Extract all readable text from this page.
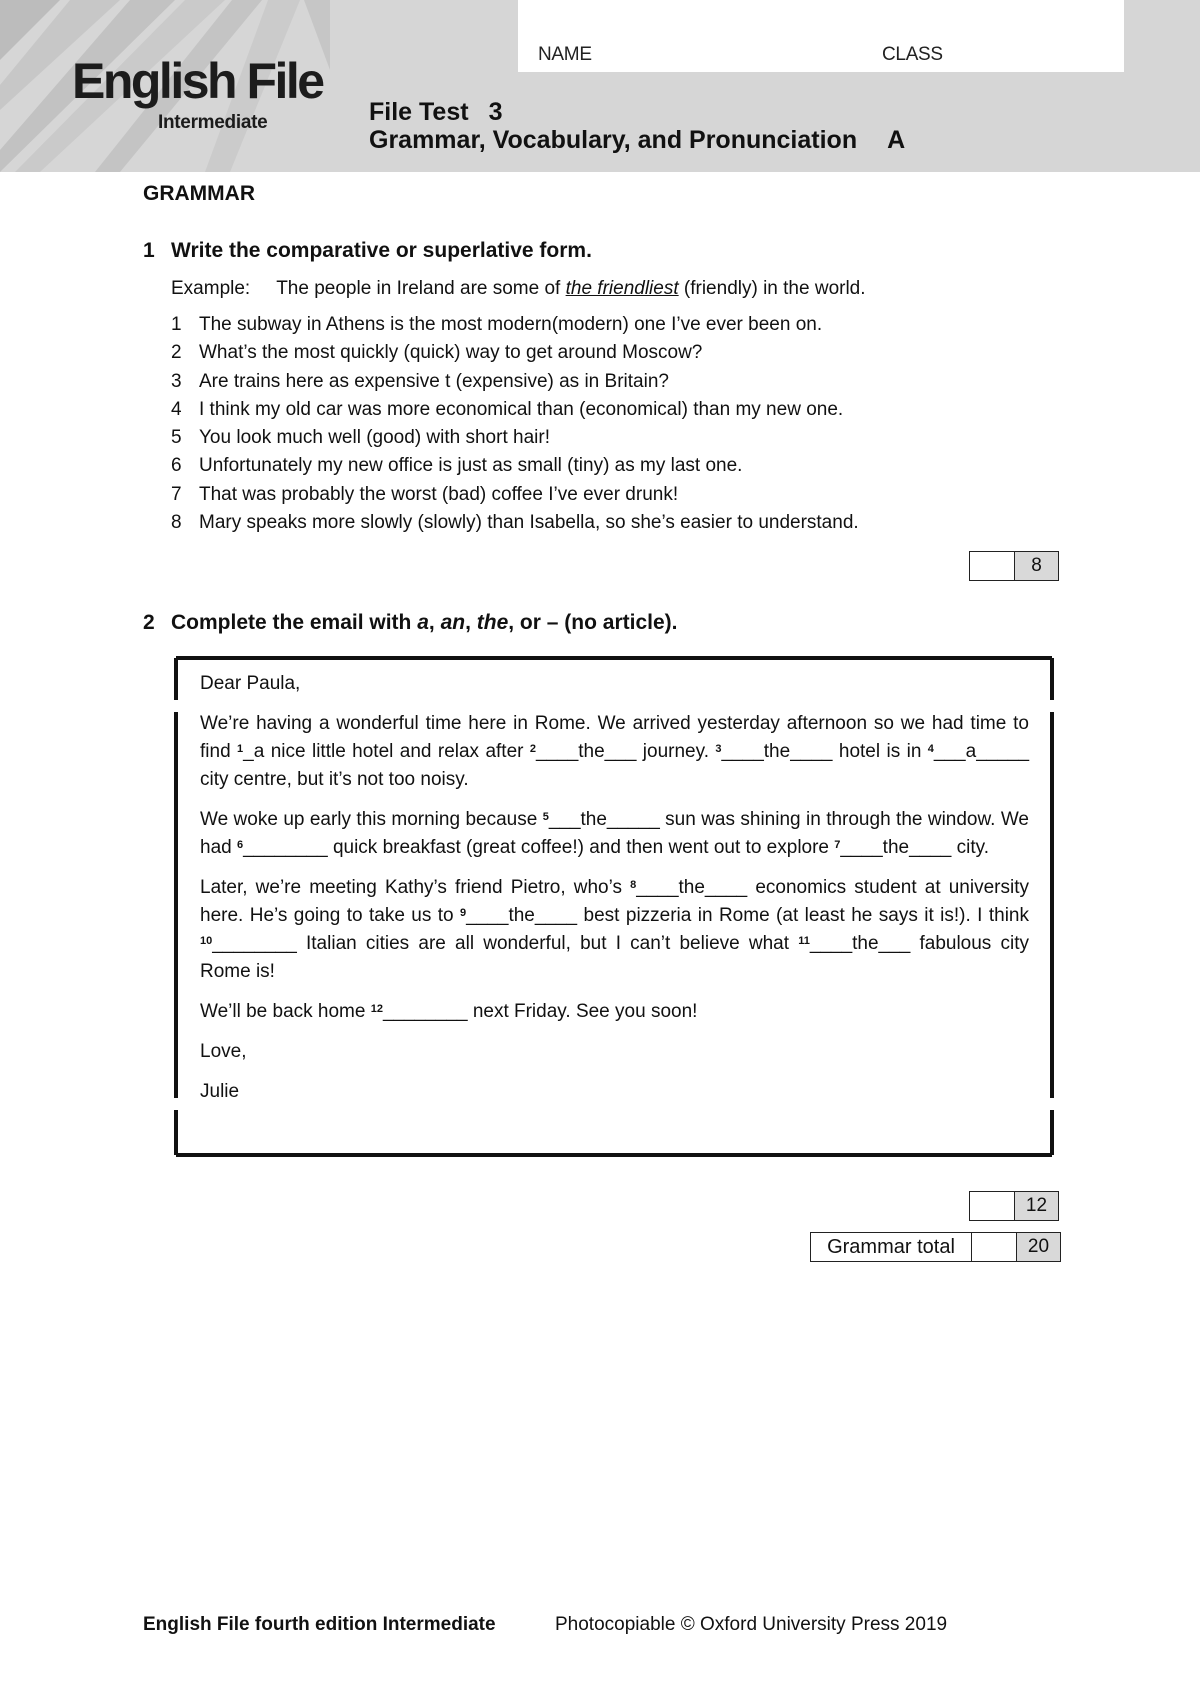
English File
Intermediate
NAME	CLASS
File Test 3
Grammar, Vocabulary, and Pronunciation A
GRAMMAR
1 Write the comparative or superlative form.
Example: The people in Ireland are some of the friendliest (friendly) in the world.
1 The subway in Athens is the most modern(modern) one I’ve ever been on.
2 What’s the most quickly (quick) way to get around Moscow?
3 Are trains here as expensive t (expensive) as in Britain?
4 I think my old car was more economical than (economical) than my new one.
5 You look much well (good) with short hair!
6 Unfortunately my new office is just as small (tiny) as my last one.
7 That was probably the worst (bad) coffee I’ve ever drunk!
8 Mary speaks more slowly (slowly) than Isabella, so she’s easier to understand.
8
2 Complete the email with a, an, the, or – (no article).

Dear Paula,

We’re having a wonderful time here in Rome. We arrived yesterday afternoon so we had time to find $^1$_a nice little hotel and relax after $^2$____the___ journey. $^3$____the____ hotel is in $^4$___a_____ city centre, but it’s not too noisy.

We woke up early this morning because $^5$___the_____ sun was shining in through the window. We had $^6$________ quick breakfast (great coffee!) and then went out to explore $^7$____the____ city.

Later, we’re meeting Kathy’s friend Pietro, who’s $^8$____the____ economics student at university here. He’s going to take us to $^9$____the____ best pizzeria in Rome (at least he says it is!). I think $^{10}$________ Italian cities are all wonderful, but I can’t believe what $^{11}$____the___ fabulous city Rome is!

We’ll be back home $^{12}$________ next Friday. See you soon!

Love,

Julie

12
Grammar total	20
English File fourth edition Intermediate	Photocopiable © Oxford University Press 2019
